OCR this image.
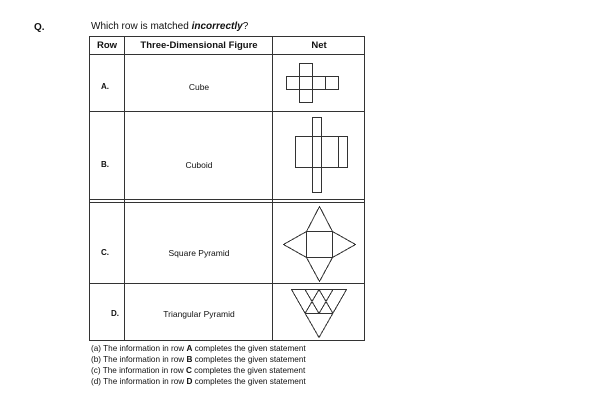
Q.	Which row is matched incorrectly?
Row	Three-Dimensional Figure	Net
A.	Cube
B.	Cuboid
C.	Square Pyramid
D.	Triangular Pyramid
(a) The information in row A completes the given statement
(b) The information in row B completes the given statement
(c) The information in row C completes the given statement
(d) The information in row D completes the given statement
